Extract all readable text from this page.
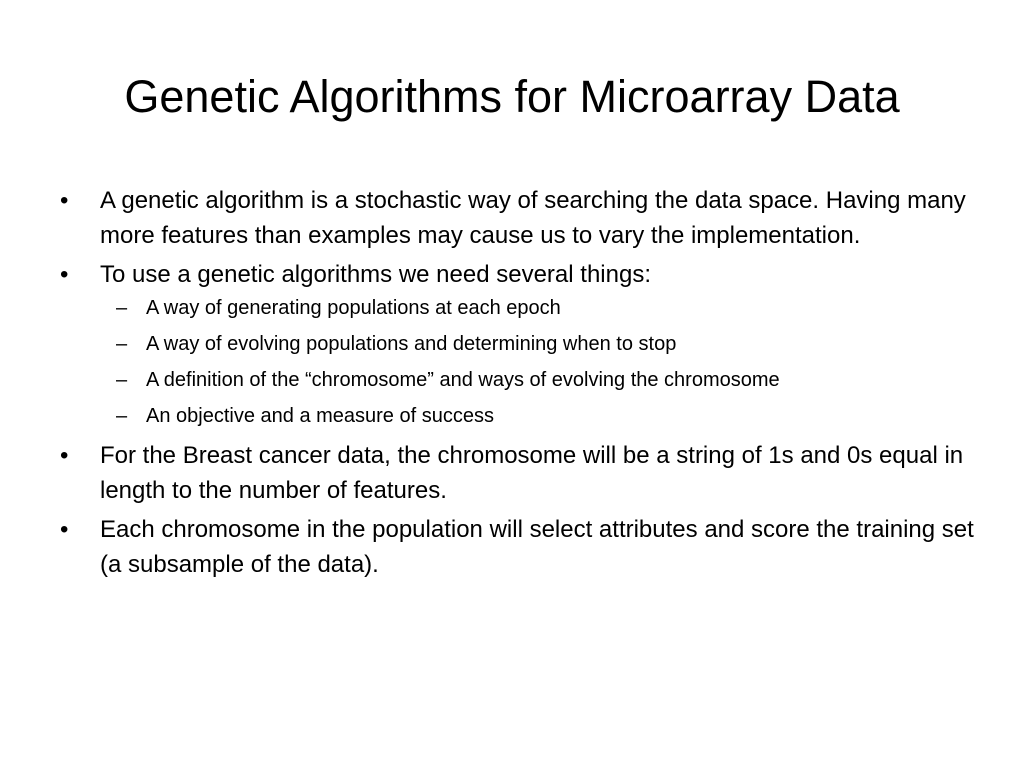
Genetic Algorithms for Microarray Data
• A genetic algorithm is a stochastic way of searching the data space. Having many more features than examples may cause us to vary the implementation.
• To use a genetic algorithms we need several things:
– A way of generating populations at each epoch
– A way of evolving populations and determining when to stop
– A definition of the “chromosome” and ways of evolving the chromosome
– An objective and a measure of success
• For the Breast cancer data, the chromosome will be a string of 1s and 0s equal in length to the number of features.
• Each chromosome in the population will select attributes and score the training set (a subsample of the data).
